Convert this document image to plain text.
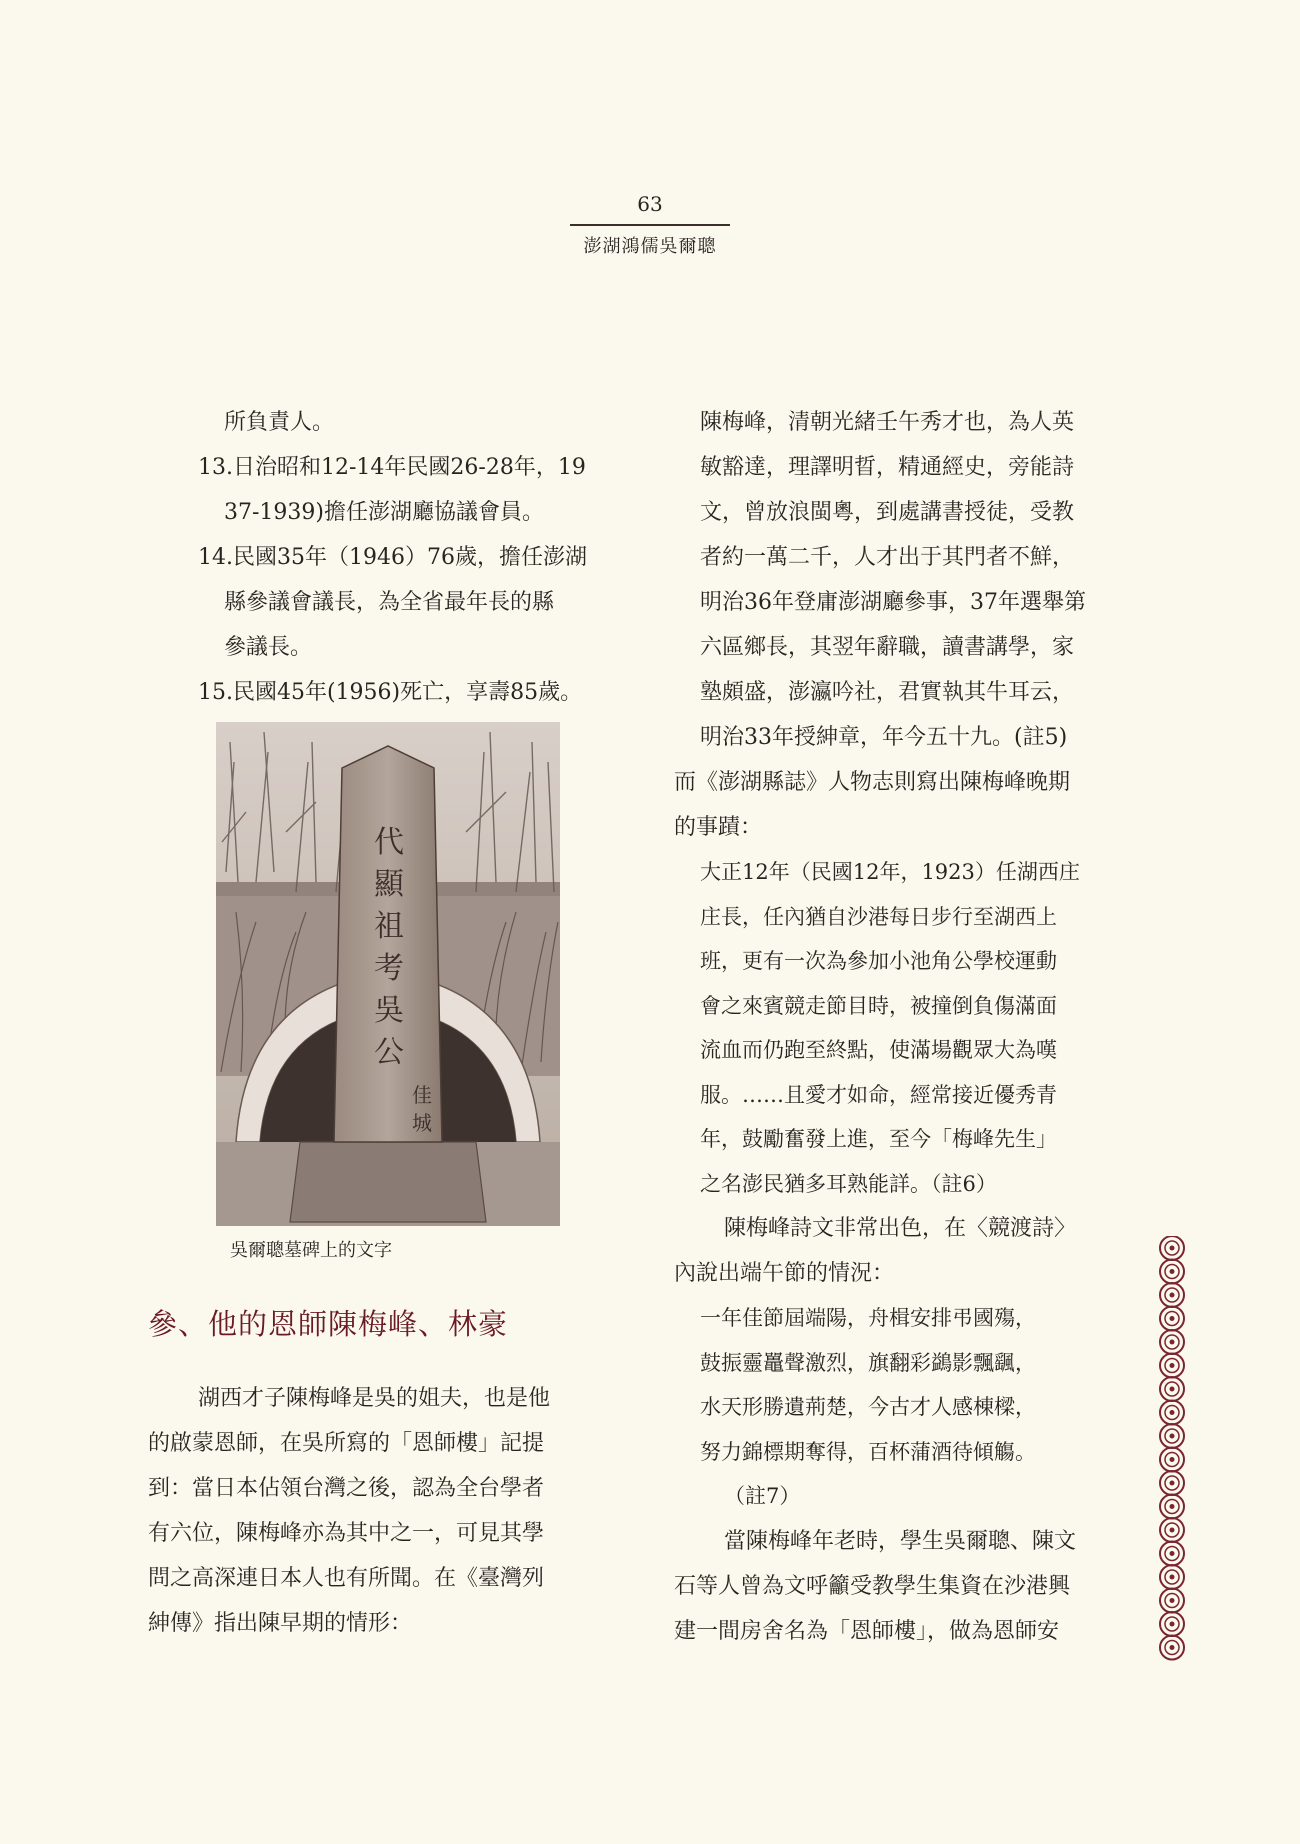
63
澎湖鴻儒吳爾聰

所負責人。

13.日治昭和12-14年民國26-28年，19

37-1939)擔任澎湖廳協議會員。

14.民國35年（1946）76歲，擔任澎湖

縣參議會議長，為全省最年長的縣

參議長。

15.民國45年(1956)死亡，享壽85歲。

代
顯
祖
考
吳
公
佳
城
吳爾聰墓碑上的文字
參、他的恩師陳梅峰、林豪

湖西才子陳梅峰是吳的姐夫，也是他

的啟蒙恩師，在吳所寫的「恩師樓」記提

到：當日本佔領台灣之後，認為全台學者

有六位，陳梅峰亦為其中之一，可見其學

問之高深連日本人也有所聞。在《臺灣列

紳傳》指出陳早期的情形：

陳梅峰，清朝光緒壬午秀才也，為人英

敏豁達，理譯明晢，精通經史，旁能詩

文，曾放浪閩粵，到處講書授徒，受教

者約一萬二千，人才出于其門者不鮮，

明治36年登庸澎湖廳參事，37年選舉第

六區鄉長，其翌年辭職，讀書講學，家

塾頗盛，澎瀛吟社，君實執其牛耳云，

明治33年授紳章，年今五十九。(註5)

而《澎湖縣誌》人物志則寫出陳梅峰晚期

的事蹟：

大正12年（民國12年，1923）任湖西庄

庄長，任內猶自沙港每日步行至湖西上

班，更有一次為參加小池角公學校運動

會之來賓競走節目時，被撞倒負傷滿面

流血而仍跑至終點，使滿場觀眾大為嘆

服。……且愛才如命，經常接近優秀青

年，鼓勵奮發上進，至今「梅峰先生」

之名澎民猶多耳熟能詳。（註6）

陳梅峰詩文非常出色，在〈競渡詩〉

內說出端午節的情況：

一年佳節屆端陽，舟楫安排弔國殤，

鼓振靈鼉聲激烈，旗翻彩鷁影飄颻，

水天形勝遺荊楚，今古才人感棟樑，

努力錦標期奪得，百杯蒲酒待傾觴。

（註7）

當陳梅峰年老時，學生吳爾聰、陳文

石等人曾為文呼籲受教學生集資在沙港興

建一間房舍名為「恩師樓」，做為恩師安
